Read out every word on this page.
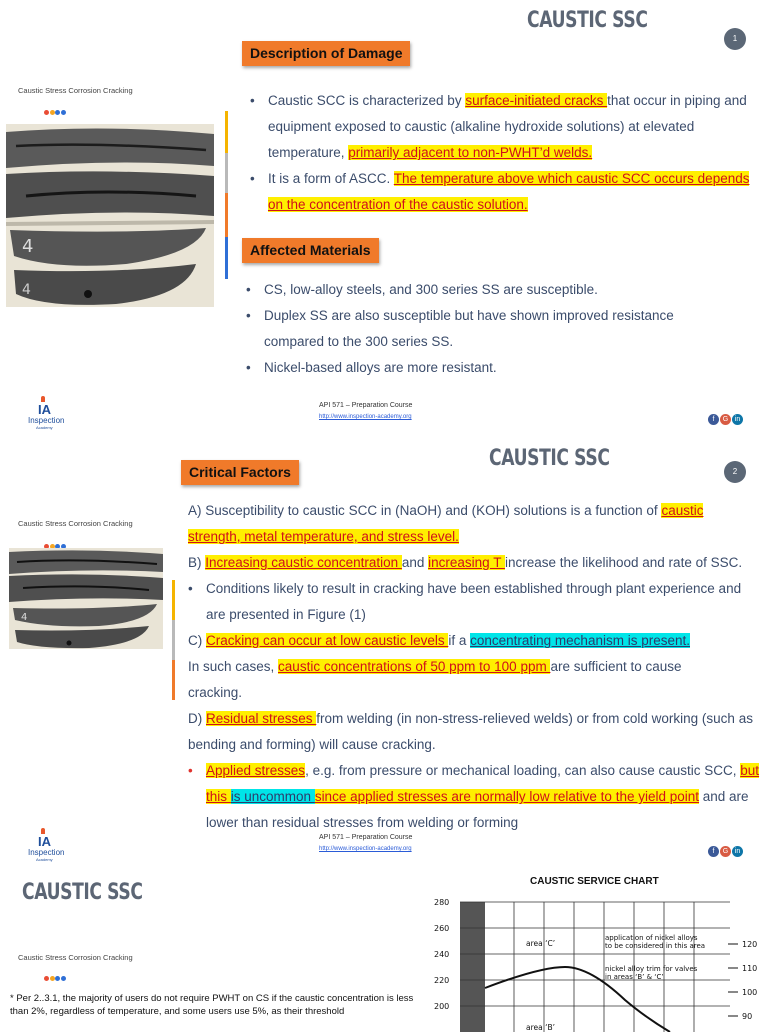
CAUSTIC SSC
1
Caustic Stress Corrosion Cracking
4
4
Description of Damage
• Caustic SCC is characterized by surface-initiated cracks that occur in piping and equipment exposed to caustic (alkaline hydroxide solutions) at elevated temperature, primarily adjacent to non-PWHT’d welds.
• It is a form of ASCC. The temperature above which caustic SCC occurs depends on the concentration of the caustic solution.
Affected Materials
• CS, low-alloy steels, and 300 series SS are susceptible.
• Duplex SS are also susceptible but have shown improved resistance compared to the 300 series SS.
• Nickel-based alloys are more resistant.
IA
Inspection
Academy
API 571 – Preparation Course
http://www.inspection-academy.org	f G in
CAUSTIC SSC
2
Critical Factors
Caustic Stress Corrosion Cracking
4

A) Susceptibility to caustic SCC in (NaOH) and (KOH) solutions is a function of caustic strength, metal temperature, and stress level.

B) Increasing caustic concentration and increasing T increase the likelihood and rate of SSC.

• Conditions likely to result in cracking have been established through plant experience and are presented in Figure (1)

C) Cracking can occur at low caustic levels if a concentrating mechanism is present.

In such cases, caustic concentrations of 50 ppm to 100 ppm are sufficient to cause cracking.

D) Residual stresses from welding (in non-stress-relieved welds) or from cold working (such as bending and forming) will cause cracking.

• Applied stresses, e.g. from pressure or mechanical loading, can also cause caustic SCC, but this is uncommon since applied stresses are normally low relative to the yield point and are lower than residual stresses from welding or forming
IA
Inspection
Academy
API 571 – Preparation Course
http://www.inspection-academy.org	f G in
CAUSTIC SSC
Caustic Stress Corrosion Cracking
* Per 2..3.1, the majority of users do not require PWHT on CS if the caustic concentration is less than 2%, regardless of temperature, and some users use 5%, as their threshold
CAUSTIC SERVICE CHART
280
260
240
220
200
120
110
100
90
area ‘C’
application of nickel alloys to be considered in this area
nickel alloy trim for valves in areas ‘B’ & ‘C’
area ‘B’
